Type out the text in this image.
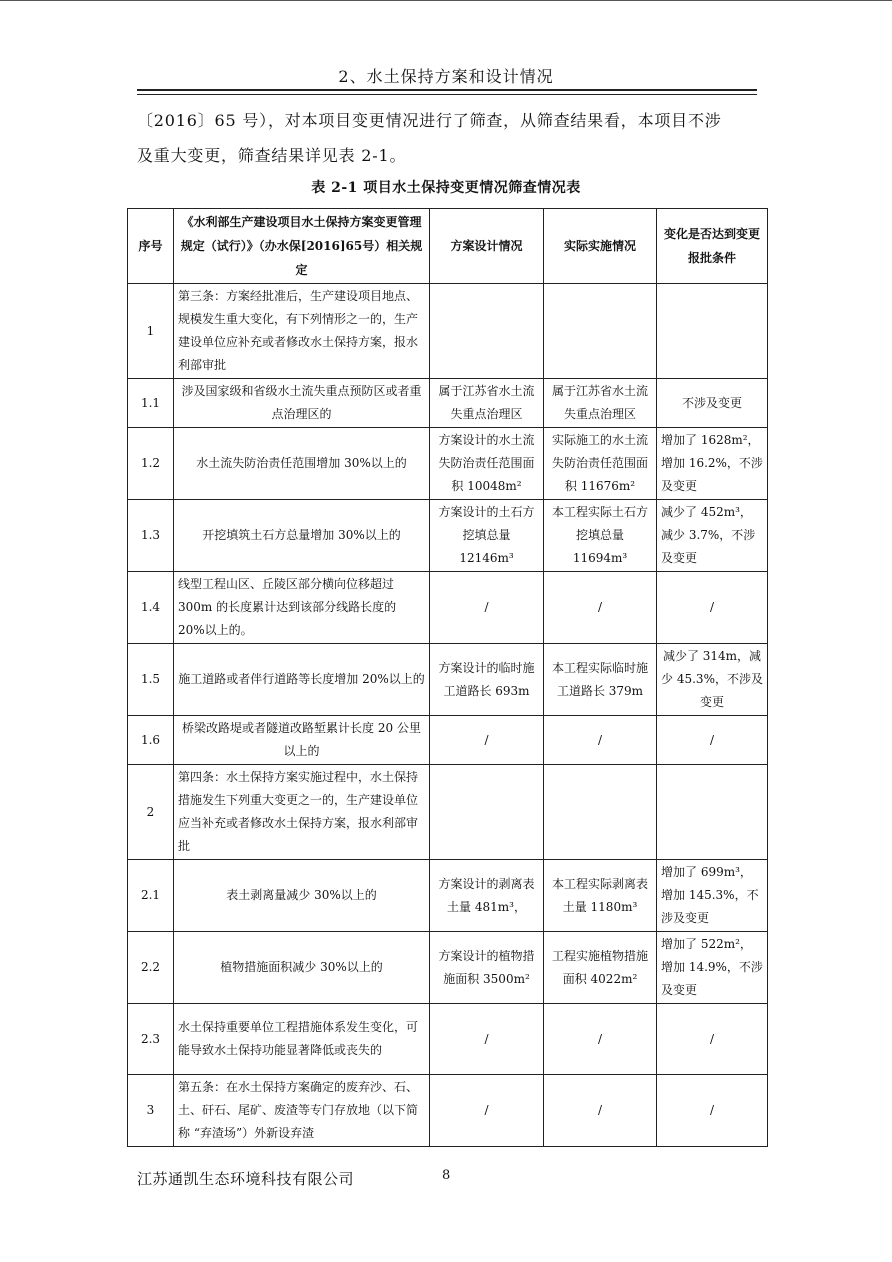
2、水土保持方案和设计情况

〔2016〕65 号），对本项目变更情况进行了筛查，从筛查结果看，本项目不涉

及重大变更，筛查结果详见表 2-1。

表 2-1 项目水土保持变更情况筛查情况表
序号	《水利部生产建设项目水土保持方案变更管理规定（试行）》（办水保[2016]65号）相关规定	方案设计情况	实际实施情况	变化是否达到变更报批条件
1	第三条：方案经批准后，生产建设项目地点、规模发生重大变化，有下列情形之一的，生产建设单位应补充或者修改水土保持方案，报水利部审批			
1.1	涉及国家级和省级水土流失重点预防区或者重点治理区的	属于江苏省水土流失重点治理区	属于江苏省水土流失重点治理区	不涉及变更
1.2	水土流失防治责任范围增加 30%以上的	方案设计的水土流失防治责任范围面积 10048m²	实际施工的水土流失防治责任范围面积 11676m²	增加了 1628m²，增加 16.2%，不涉及变更
1.3	开挖填筑土石方总量增加 30%以上的	方案设计的土石方挖填总量 12146m³	本工程实际土石方挖填总量 11694m³	减少了 452m³，减少 3.7%，不涉及变更
1.4	线型工程山区、丘陵区部分横向位移超过 300m 的长度累计达到该部分线路长度的 20%以上的。	/	/	/
1.5	施工道路或者伴行道路等长度增加 20%以上的	方案设计的临时施工道路长 693m	本工程实际临时施工道路长 379m	减少了 314m，减少 45.3%，不涉及变更
1.6	桥梁改路堤或者隧道改路堑累计长度 20 公里以上的	/	/	/
2	第四条：水土保持方案实施过程中，水土保持措施发生下列重大变更之一的，生产建设单位应当补充或者修改水土保持方案，报水利部审批			
2.1	表土剥离量减少 30%以上的	方案设计的剥离表土量 481m³，	本工程实际剥离表土量 1180m³	增加了 699m³，增加 145.3%，不涉及变更
2.2	植物措施面积减少 30%以上的	方案设计的植物措施面积 3500m²	工程实施植物措施面积 4022m²	增加了 522m²，增加 14.9%，不涉及变更
2.3	水土保持重要单位工程措施体系发生变化，可能导致水土保持功能显著降低或丧失的	/	/	/
3	第五条：在水土保持方案确定的废弃沙、石、土、矸石、尾矿、废渣等专门存放地（以下简称 “弃渣场”）外新设弃渣	/	/	/
江苏通凯生态环境科技有限公司	8
